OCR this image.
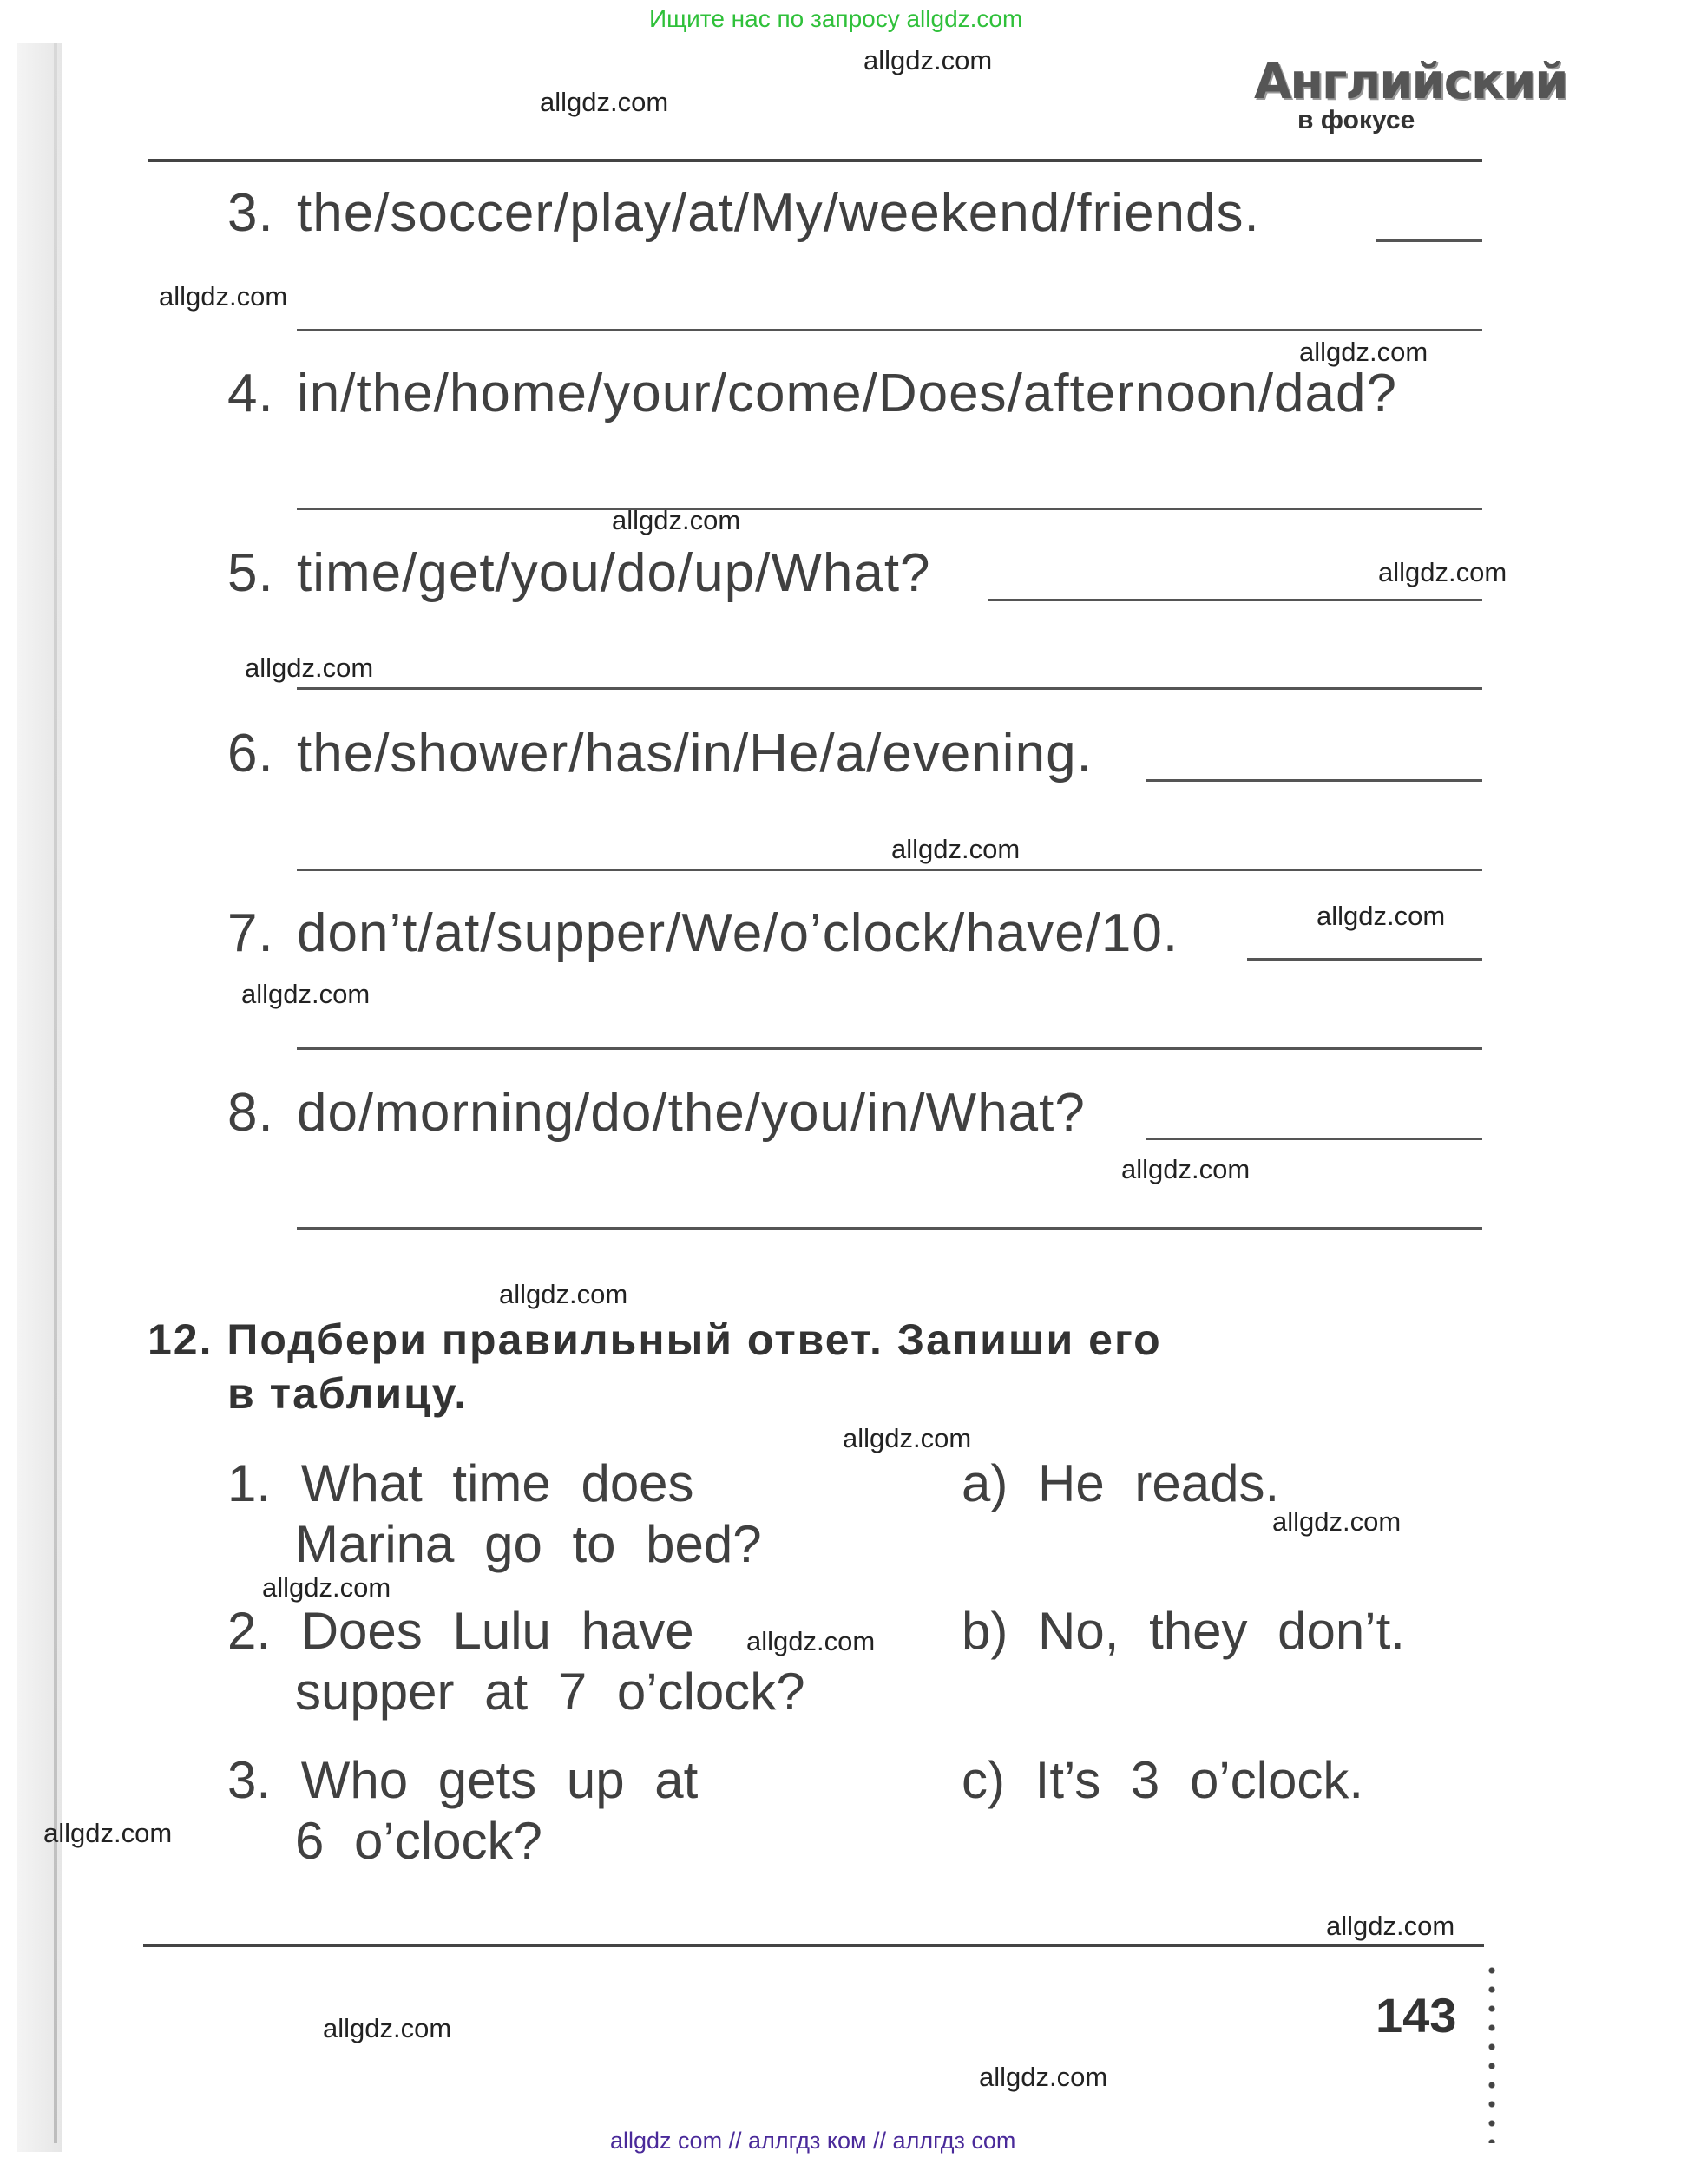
Ищите нас по запросу allgdz.com
Английский
в фокусе
3. the/soccer/play/at/My/weekend/friends.
4. in/the/home/your/come/Does/afternoon/dad?
5. time/get/you/do/up/What?
6. the/shower/has/in/He/a/evening.
7. don’t/at/supper/We/o’clock/have/10.
8. do/morning/do/the/you/in/What?
12. Подбери правильный ответ. Запиши его
в таблицу.
1. What time does
Marina go to bed?
2. Does Lulu have
supper at 7 o’clock?
3. Who gets up at
6 o’clock?
a) He reads.
b) No, they don’t.
c) It’s 3 o’clock.
143
allgdz.com
allgdz.com
allgdz.com
allgdz.com
allgdz.com
allgdz.com
allgdz.com
allgdz.com
allgdz.com
allgdz.com
allgdz.com
allgdz.com
allgdz.com
allgdz.com
allgdz.com
allgdz.com
allgdz.com
allgdz.com
allgdz.com
allgdz.com
allgdz com // аллгдз ком // аллгдз com
